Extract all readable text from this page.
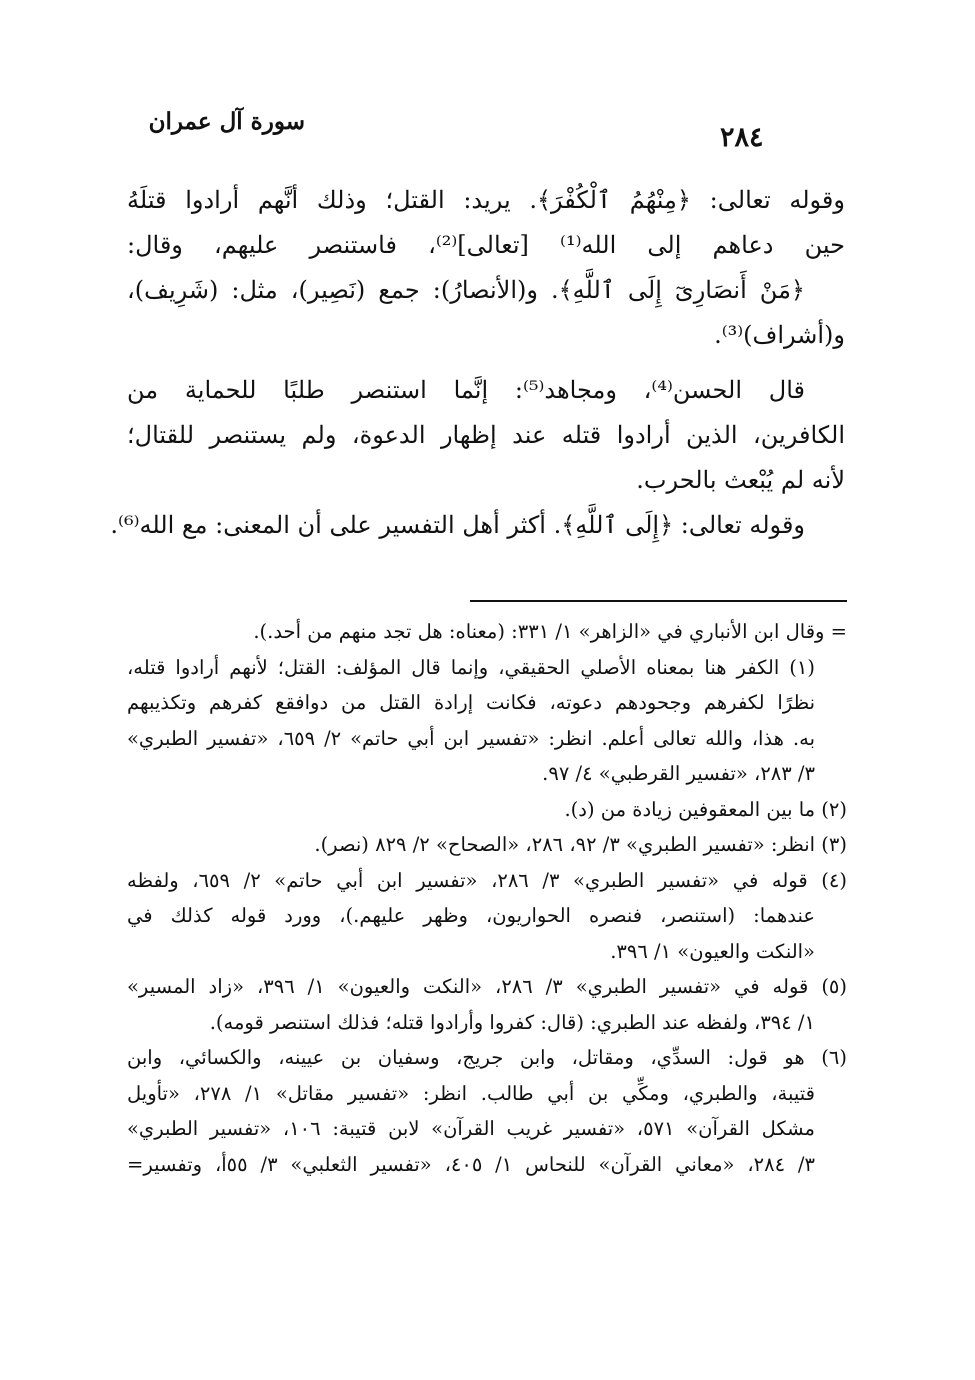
سورة آل عمران
٢٨٤
وقوله تعالى: ﴿مِنْهُمُ ٱلْكُفْرَ﴾. يريد: القتل؛ وذلك أنَّهم أرادوا قتلَهُ
حين دعاهم إلى الله⁽¹⁾ [تعالى]⁽²⁾، فاستنصر عليهم، وقال:
﴿مَنْ أَنصَارِىٓ إِلَى ٱللَّهِ﴾. و(الأنصارُ): جمع (نَصِير)، مثل: (شَرِيف)،
و(أشراف)⁽³⁾.
قال الحسن⁽⁴⁾، ومجاهد⁽⁵⁾: إنَّما استنصر طلبًا للحماية من
الكافرين، الذين أرادوا قتله عند إظهار الدعوة، ولم يستنصر للقتال؛
لأنه لم يُبْعث بالحرب.
وقوله تعالى: ﴿إِلَى ٱللَّهِ﴾. أكثر أهل التفسير على أن المعنى: مع الله⁽⁶⁾.
= وقال ابن الأنباري في «الزاهر» ١/ ٣٣١: (معناه: هل تجد منهم من أحد.).
(١) الكفر هنا بمعناه الأصلي الحقيقي، وإنما قال المؤلف: القتل؛ لأنهم أرادوا قتله،
نظرًا لكفرهم وجحودهم دعوته، فكانت إرادة القتل من دوافقع كفرهم وتكذيبهم
به. هذا، والله تعالى أعلم. انظر: «تفسير ابن أبي حاتم» ٢/ ٦٥٩، «تفسير الطبري»
٣/ ٢٨٣، «تفسير القرطبي» ٤/ ٩٧.
(٢) ما بين المعقوفين زيادة من (د).
(٣) انظر: «تفسير الطبري» ٣/ ٩٢، ٢٨٦، «الصحاح» ٢/ ٨٢٩ (نصر).
(٤) قوله في «تفسير الطبري» ٣/ ٢٨٦، «تفسير ابن أبي حاتم» ٢/ ٦٥٩، ولفظه
عندهما: (استنصر، فنصره الحواريون، وظهر عليهم.)، وورد قوله كذلك في
«النكت والعيون» ١/ ٣٩٦.
(٥) قوله في «تفسير الطبري» ٣/ ٢٨٦، «النكت والعيون» ١/ ٣٩٦، «زاد المسير»
١/ ٣٩٤، ولفظه عند الطبري: (قال: كفروا وأرادوا قتله؛ فذلك استنصر قومه).
(٦) هو قول: السدِّي، ومقاتل، وابن جريج، وسفيان بن عيينه، والكسائي، وابن
قتيبة، والطبري، ومكِّي بن أبي طالب. انظر: «تفسير مقاتل» ١/ ٢٧٨، «تأويل
مشكل القرآن» ٥٧١، «تفسير غريب القرآن» لابن قتيبة: ١٠٦، «تفسير الطبري»
٣/ ٢٨٤، «معاني القرآن» للنحاس ١/ ٤٠٥، «تفسير الثعلبي» ٣/ ٥٥أ، وتفسير=
